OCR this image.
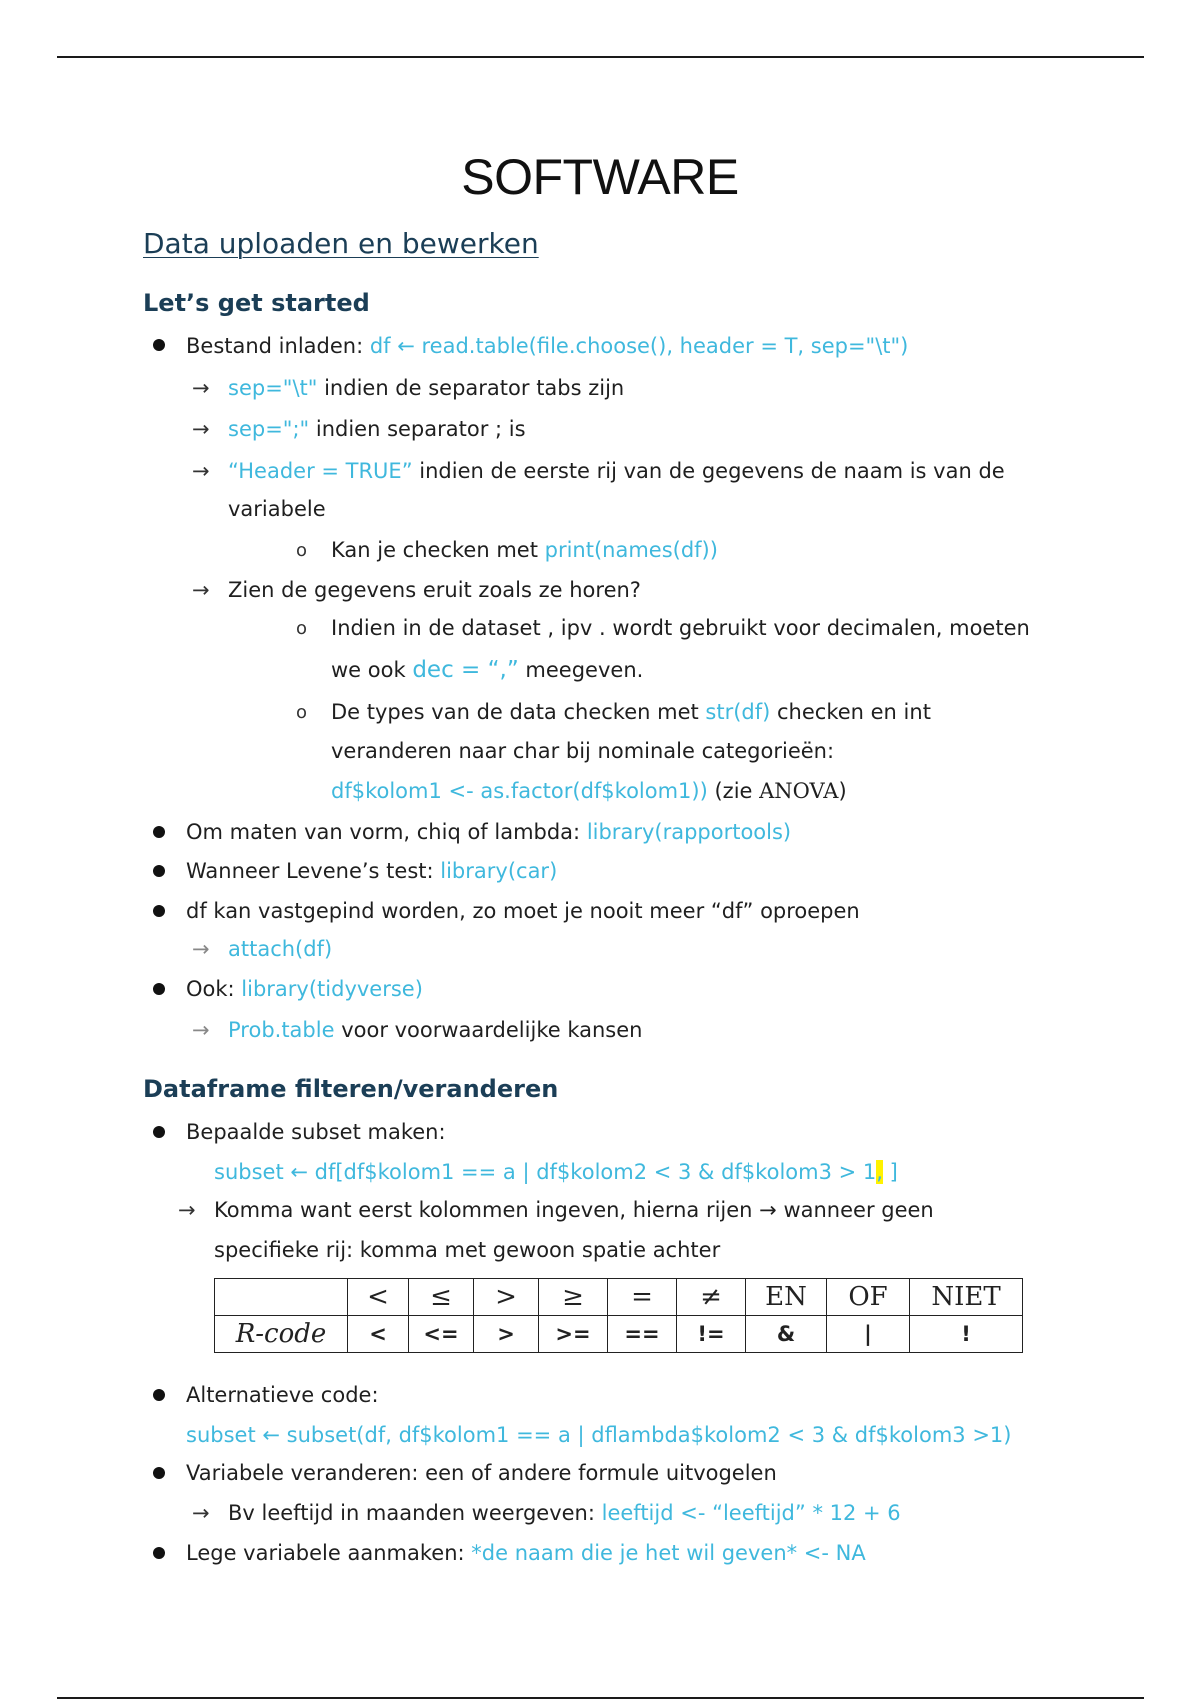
SOFTWARE
Data uploaden en bewerken
Let’s get started
Bestand inladen: df ← read.table(file.choose(), header = T, sep="\t")
→ sep="\t" indien de separator tabs zijn
→ sep=";" indien separator ; is
→ “Header = TRUE” indien de eerste rij van de gegevens de naam is van de
variabele
o Kan je checken met print(names(df))
→ Zien de gegevens eruit zoals ze horen?
o Indien in de dataset , ipv . wordt gebruikt voor decimalen, moeten
we ook dec = “,” meegeven.
o De types van de data checken met str(df) checken en int
veranderen naar char bij nominale categorieën:
df$kolom1 <- as.factor(df$kolom1)) (zie ANOVA)
Om maten van vorm, chiq of lambda: library(rapportools)
Wanneer Levene’s test: library(car)
df kan vastgepind worden, zo moet je nooit meer “df” oproepen
→ attach(df)
Ook: library(tidyverse)
→ Prob.table voor voorwaardelijke kansen
Dataframe filteren/veranderen
Bepaalde subset maken:
subset ← df[df$kolom1 == a | df$kolom2 < 3 & df$kolom3 > 1, ]
→ Komma want eerst kolommen ingeven, hierna rijen → wanneer geen
specifieke rij: komma met gewoon spatie achter
	<	≤	>	≥	=	≠	EN	OF	NIET
R-code	<	<=	>	>=	==	!=	&	|	!
Alternatieve code:
subset ← subset(df, df$kolom1 == a | dflambda$kolom2 < 3 & df$kolom3 >1)
Variabele veranderen: een of andere formule uitvogelen
→ Bv leeftijd in maanden weergeven: leeftijd <- “leeftijd” * 12 + 6
Lege variabele aanmaken: *de naam die je het wil geven* <- NA
